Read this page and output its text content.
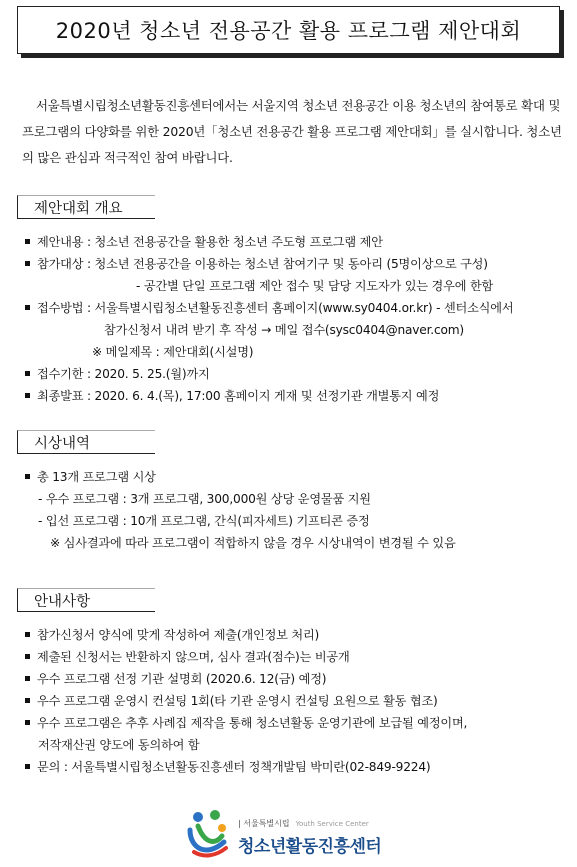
2020년 청소년 전용공간 활용 프로그램 제안대회
서울특별시립청소년활동진흥센터에서는 서울지역 청소년 전용공간 이용 청소년의 참여통로 확대 및 프로그램의 다양화를 위한 2020년「청소년 전용공간 활용 프로그램 제안대회」를 실시합니다. 청소년의 많은 관심과 적극적인 참여 바랍니다.
제안대회 개요
제안내용 : 청소년 전용공간을 활용한 청소년 주도형 프로그램 제안
참가대상 : 청소년 전용공간을 이용하는 청소년 참여기구 및 동아리 (5명이상으로 구성)
- 공간별 단일 프로그램 제안 접수 및 담당 지도자가 있는 경우에 한함
접수방법 : 서울특별시립청소년활동진흥센터 홈페이지(www.sy0404.or.kr) - 센터소식에서
참가신청서 내려 받기 후 작성 → 메일 접수(sysc0404@naver.com)
※ 메일제목 : 제안대회(시설명)
접수기한 : 2020. 5. 25.(월)까지
최종발표 : 2020. 6. 4.(목), 17:00 홈페이지 게재 및 선정기관 개별통지 예정
시상내역
총 13개 프로그램 시상
- 우수 프로그램 : 3개 프로그램, 300,000원 상당 운영물품 지원
- 입선 프로그램 : 10개 프로그램, 간식(피자세트) 기프티콘 증정
※ 심사결과에 따라 프로그램이 적합하지 않을 경우 시상내역이 변경될 수 있음
안내사항
참가신청서 양식에 맞게 작성하여 제출(개인정보 처리)
제출된 신청서는 반환하지 않으며, 심사 결과(점수)는 비공개
우수 프로그램 선정 기관 설명회 (2020.6. 12(금) 예정)
우수 프로그램 운영시 컨설팅 1회(타 기관 운영시 컨설팅 요원으로 활동 협조)
우수 프로그램은 추후 사례집 제작을 통해 청소년활동 운영기관에 보급될 예정이며,
저작재산권 양도에 동의하여 함
문의 : 서울특별시립청소년활동진흥센터 정책개발팀 박미란(02-849-9224)
| 서울특별시립 Youth Service Center
청소년활동진흥센터
